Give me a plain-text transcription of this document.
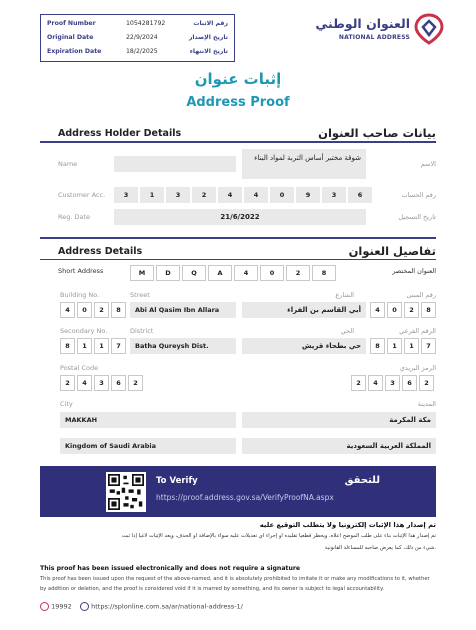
Proof Number	1054281792	رقم الاثبات
Original Date	22/9/2024	تاريخ الإصدار
Expiration Date	18/2/2025	تاريخ الانتهاء
العنوان الوطني
NATIONAL ADDRESS
إثبات عنوان
Address Proof
Address Holder Details	بيانات صاحب العنوان
Name
شوقة مختبر أساس التربة لمواد البناء
الاسم
Customer Acc.	3	1	3	2	4	4	0	9	3	6	رقم الحساب
Reg. Date	21/6/2022	تاريخ التسجيل
Address Details	تفاصيل العنوان
Short Address	M	D	Q	A	4	0	2	8	العنوان المختصر
Building No.	Street	الشارع	رقم المبنى
4	0	2	8	Abi Al Qasim Ibn Allara	أبي القاسم بن الفراء	4	0	2	8
Secondary No.	District	الحي	الرقم الفرعي
8	1	1	7	Batha Qureysh Dist.	حي بطحاء قريش	8	1	1	7
Postal Code	الرمز البريدي
2	4	3	6	2	2	4	3	6	2
City	المدينة
MAKKAH	مكة المكرمة
Kingdom of Saudi Arabia	المملكة العربية السعودية
To Verify	للتحقق
https://proof.address.gov.sa/VerifyProofNA.aspx
تم إصدار هذا الإثبات إلكترونيا ولا يتطلب التوقيع عليه
تم إصدار هذا الإثبات بناء على طلب الموضح أعلاه، ويحظر قطعيا تقليده أو إجراء أي تعديلات عليه سواء بالإضافة أو الحذف، ويعد الإثبات لاغيا إذا ثبت
شيء من ذلك، كما يعرض صاحبه للمساءلة القانونية.
This proof has been issued electronically and does not require a signature
This proof has been issued upon the request of the above-named, and it is absolutely prohibited to imitate it or make any modifications to it, whether
by addition or deletion, and the proof is considered void if it is marred by something, and its owner is subject to legal accountability.
19992	https://splonline.com.sa/ar/national-address-1/
